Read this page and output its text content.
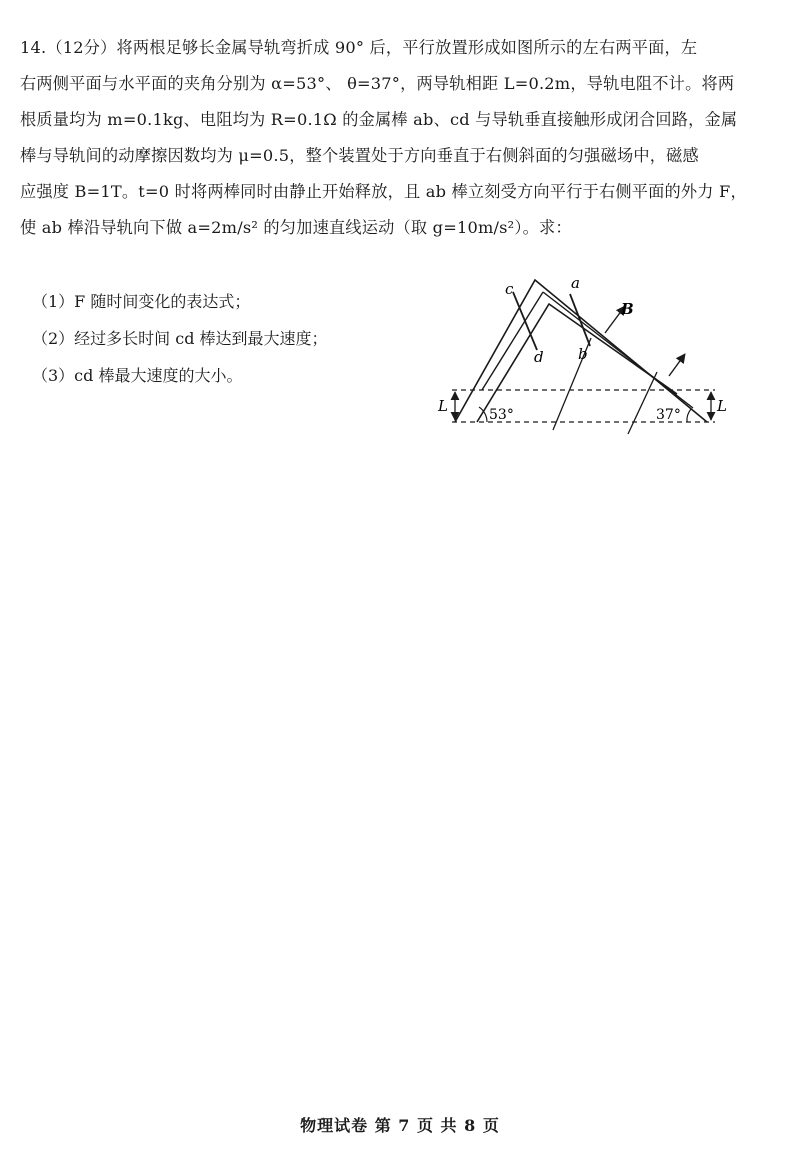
14.（12分）将两根足够长金属导轨弯折成 90° 后，平行放置形成如图所示的左右两平面，左

右两侧平面与水平面的夹角分别为 α=53°、 θ=37°，两导轨相距 L=0.2m，导轨电阻不计。将两

根质量均为 m=0.1kg、电阻均为 R=0.1Ω 的金属棒 ab、cd 与导轨垂直接触形成闭合回路，金属

棒与导轨间的动摩擦因数均为 μ=0.5，整个装置处于方向垂直于右侧斜面的匀强磁场中，磁感

应强度 B=1T。t=0 时将两棒同时由静止开始释放，且 ab 棒立刻受方向平行于右侧平面的外力 F，

使 ab 棒沿导轨向下做 a=2m/s² 的匀加速直线运动（取 g=10m/s²）。求：

（1）F 随时间变化的表达式；
（2）经过多长时间 cd 棒达到最大速度；
（3）cd 棒最大速度的大小。
c	a
B
d b
L	L
53°	37°
物理试卷 第 7 页 共 8 页
